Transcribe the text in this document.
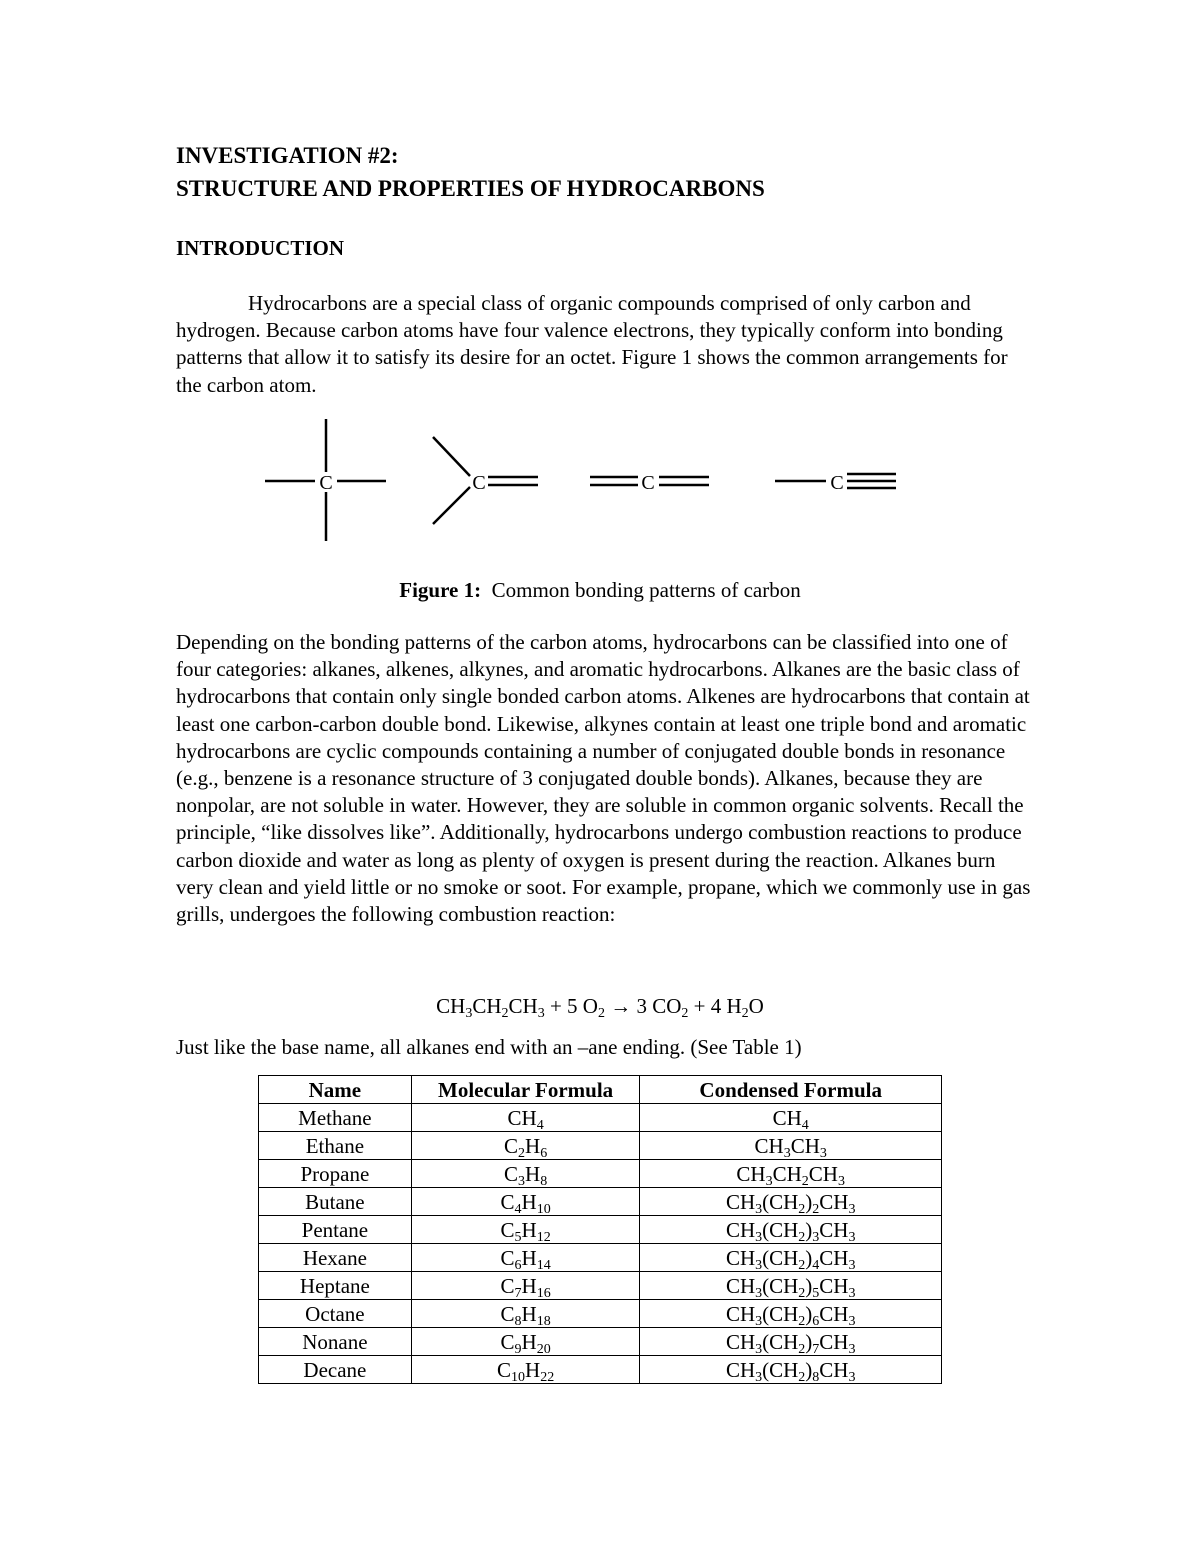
INVESTIGATION #2:
STRUCTURE AND PROPERTIES OF HYDROCARBONS
INTRODUCTION

Hydrocarbons are a special class of organic compounds comprised of only carbon and hydrogen. Because carbon atoms have four valence electrons, they typically conform into bonding patterns that allow it to satisfy its desire for an octet. Figure 1 shows the common arrangements for the carbon atom.

C	C	C	C

Figure 1: Common bonding patterns of carbon

Depending on the bonding patterns of the carbon atoms, hydrocarbons can be classified into one of four categories: alkanes, alkenes, alkynes, and aromatic hydrocarbons. Alkanes are the basic class of hydrocarbons that contain only single bonded carbon atoms. Alkenes are hydrocarbons that contain at least one carbon-carbon double bond. Likewise, alkynes contain at least one triple bond and aromatic hydrocarbons are cyclic compounds containing a number of conjugated double bonds in resonance (e.g., benzene is a resonance structure of 3 conjugated double bonds). Alkanes, because they are nonpolar, are not soluble in water. However, they are soluble in common organic solvents. Recall the principle, “like dissolves like”. Additionally, hydrocarbons undergo combustion reactions to produce carbon dioxide and water as long as plenty of oxygen is present during the reaction. Alkanes burn very clean and yield little or no smoke or soot. For example, propane, which we commonly use in gas grills, undergoes the following combustion reaction:

$CH_3CH_2CH_3 + 5$ $O_2 \to 3$ $CO_2 + 4$ $H_2O$

Just like the base name, all alkanes end with an –ane ending. (See Table 1)

Name	Molecular Formula	Condensed Formula
Methane	$CH_4$	$CH_4$
Ethane	$C_2H_6$	$CH_3CH_3$
Propane	$C_3H_8$	$CH_3CH_2CH_3$
Butane	$C_4H_{10}$	$CH_3(CH_2)_2CH_3$
Pentane	$C_5H_{12}$	$CH_3(CH_2)_3CH_3$
Hexane	$C_6H_{14}$	$CH_3(CH_2)_4CH_3$
Heptane	$C_7H_{16}$	$CH_3(CH_2)_5CH_3$
Octane	$C_8H_{18}$	$CH_3(CH_2)_6CH_3$
Nonane	$C_9H_{20}$	$CH_3(CH_2)_7CH_3$
Decane	$C_{10}H_{22}$	$CH_3(CH_2)_8CH_3$
